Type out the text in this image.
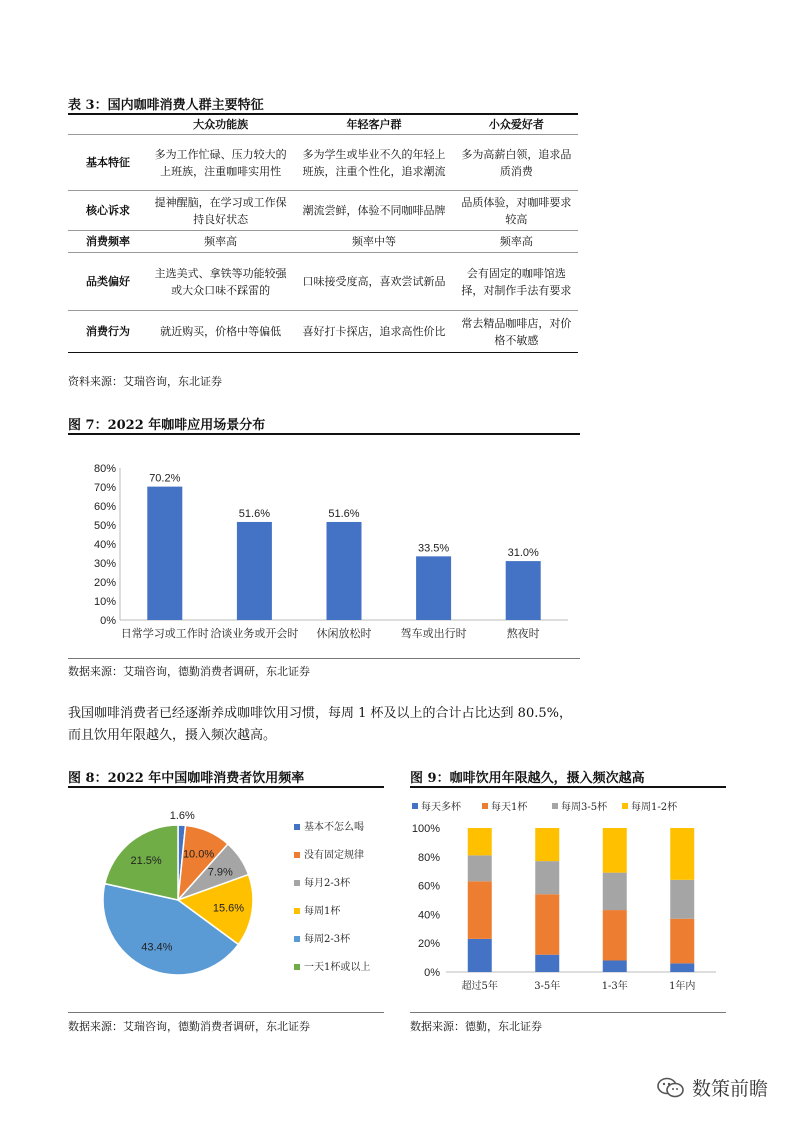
表 3：国内咖啡消费人群主要特征
	大众功能族	年轻客户群	小众爱好者
基本特征	多为工作忙碌、压力较大的上班族，注重咖啡实用性	多为学生或毕业不久的年轻上班族，注重个性化，追求潮流	多为高薪白领，追求品质消费
核心诉求	提神醒脑，在学习或工作保持良好状态	潮流尝鲜，体验不同咖啡品牌	品质体验，对咖啡要求较高
消费频率	频率高	频率中等	频率高
品类偏好	主选美式、拿铁等功能较强或大众口味不踩雷的	口味接受度高，喜欢尝试新品	会有固定的咖啡馆选择，对制作手法有要求
消费行为	就近购买，价格中等偏低	喜好打卡探店，追求高性价比	常去精品咖啡店，对价格不敏感
资料来源：艾瑞咨询，东北证券
图 7：2022 年咖啡应用场景分布
0%
10%
20%
30%
40%
50%
60%
70%
80%
70.2%
日常学习或工作时
51.6%
洽谈业务或开会时
51.6%
休闲放松时
33.5%
驾车或出行时
31.0%
熬夜时
数据来源：艾瑞咨询，德勤消费者调研，东北证券
我国咖啡消费者已经逐渐养成咖啡饮用习惯，每周 1 杯及以上的合计占比达到 80.5%，
而且饮用年限越久，摄入频次越高。
图 8：2022 年中国咖啡消费者饮用频率
1.6%
10.0%
7.9%
15.6%
43.4%
21.5%
基本不怎么喝
没有固定规律
每月2-3杯
每周1杯
每周2-3杯
一天1杯或以上
数据来源：艾瑞咨询，德勤消费者调研，东北证券
图 9：咖啡饮用年限越久，摄入频次越高
每天多杯	每天1杯	每周3-5杯 每周1-2杯
0%
20%
40%
60%
80%
100%
超过5年	3-5年	1-3年	1年内
数据来源：德勤，东北证券
数策前瞻
